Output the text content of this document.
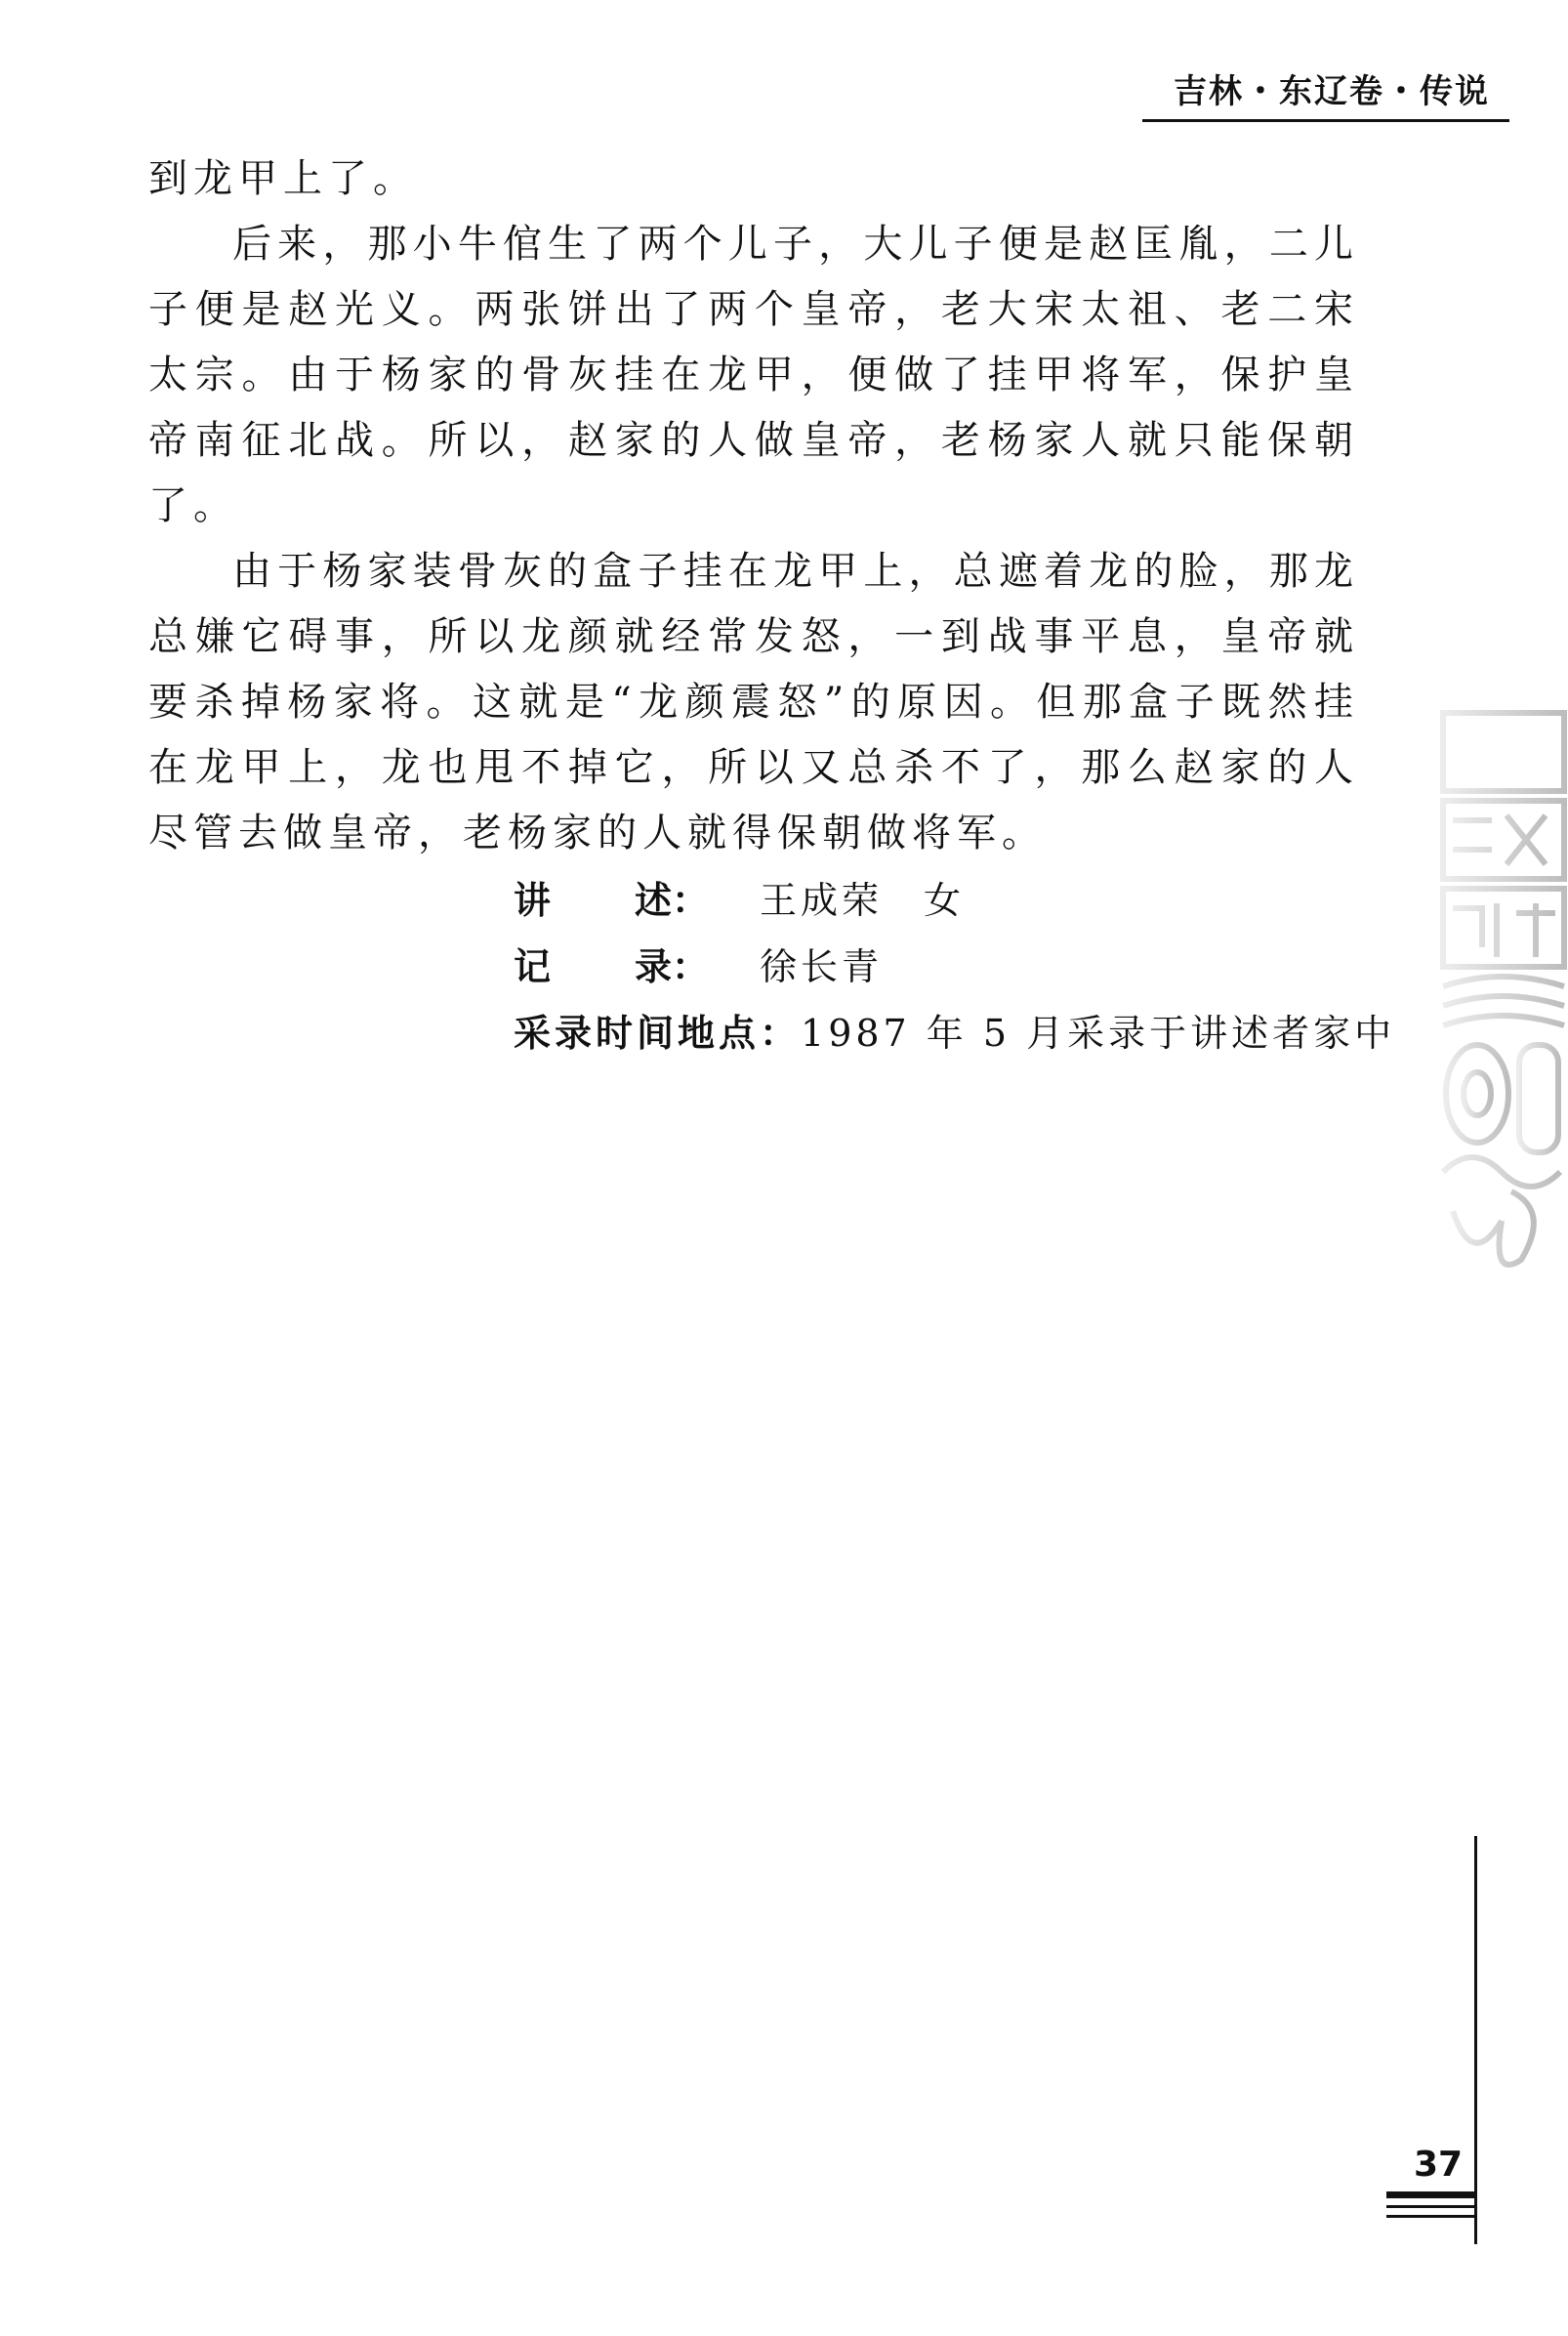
吉林・东辽卷・传说

到龙甲上了。

后来，那小牛倌生了两个儿子，大儿子便是赵匡胤，二儿子便是赵光义。两张饼出了两个皇帝，老大宋太祖、老二宋太宗。由于杨家的骨灰挂在龙甲，便做了挂甲将军，保护皇帝南征北战。所以，赵家的人做皇帝，老杨家人就只能保朝了。

由于杨家装骨灰的盒子挂在龙甲上，总遮着龙的脸，那龙总嫌它碍事，所以龙颜就经常发怒，一到战事平息，皇帝就要杀掉杨家将。这就是“龙颜震怒”的原因。但那盒子既然挂在龙甲上，龙也甩不掉它，所以又总杀不了，那么赵家的人尽管去做皇帝，老杨家的人就得保朝做将军。

讲 述：	王成荣　女
记 录：	徐长青
采录时间地点： 1987 年 5 月采录于讲述者家中
37
